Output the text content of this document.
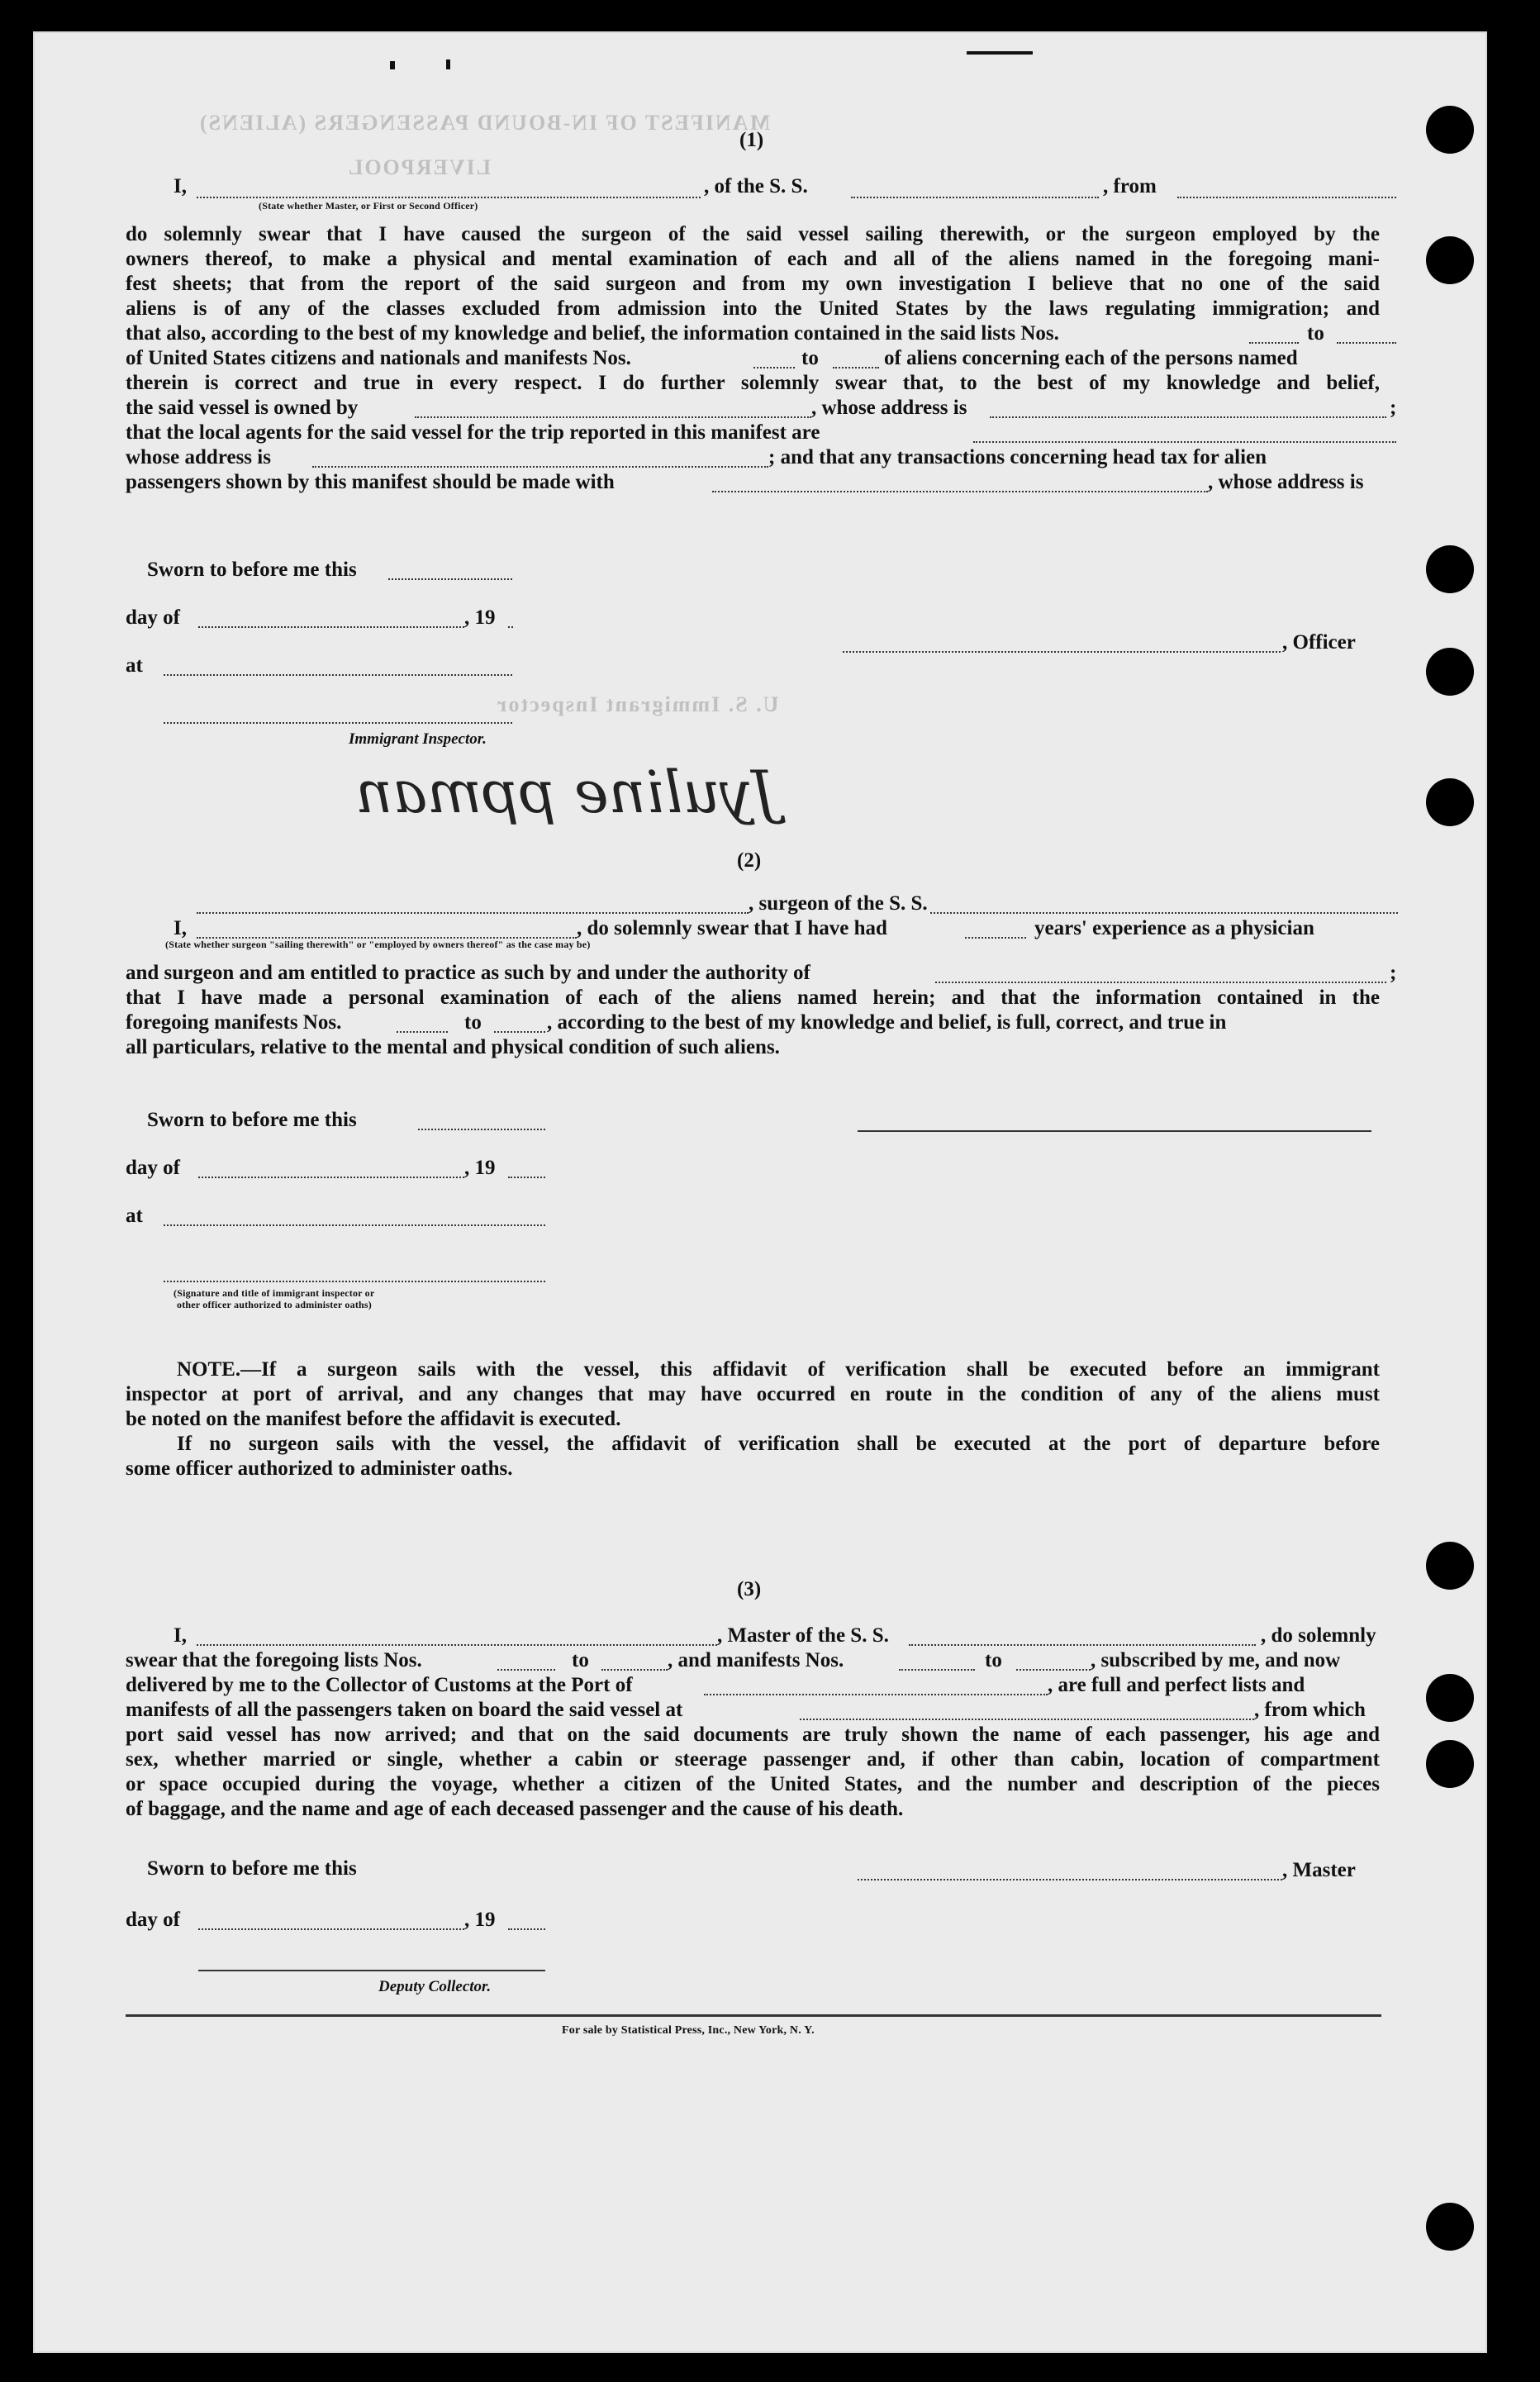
MANIFEST OF IN-BOUND PASSENGERS (ALIENS)
LIVERPOOL
U. S. Immigrant Inspector
(1)
I,	, of the S. S.	, from
(State whether Master, or First or Second Officer)
do solemnly swear that I have caused the surgeon of the said vessel sailing therewith, or the surgeon employed by the
owners thereof, to make a physical and mental examination of each and all of the aliens named in the foregoing mani-
fest sheets; that from the report of the said surgeon and from my own investigation I believe that no one of the said
aliens is of any of the classes excluded from admission into the United States by the laws regulating immigration; and
that also, according to the best of my knowledge and belief, the information contained in the said lists Nos.	to
of United States citizens and nationals and manifests Nos.	to	of aliens concerning each of the persons named
therein is correct and true in every respect. I do further solemnly swear that, to the best of my knowledge and belief,
the said vessel is owned by	, whose address is	;
that the local agents for the said vessel for the trip reported in this manifest are
whose address is	; and that any transactions concerning head tax for alien
passengers shown by this manifest should be made with	, whose address is
Sworn to before me this
day of	, 19
at
, Officer
Immigrant Inspector.
Jyuline ppman
(2)
, surgeon of the S. S.
I,	, do solemnly swear that I have had	years' experience as a physician
(State whether surgeon "sailing therewith" or "employed by owners thereof" as the case may be)
and surgeon and am entitled to practice as such by and under the authority of	;
that I have made a personal examination of each of the aliens named herein; and that the information contained in the
foregoing manifests Nos.	to	, according to the best of my knowledge and belief, is full, correct, and true in
all particulars, relative to the mental and physical condition of such aliens.
Sworn to before me this
day of	, 19
at
(Signature and title of immigrant inspector or
other officer authorized to administer oaths)
NOTE.—If a surgeon sails with the vessel, this affidavit of verification shall be executed before an immigrant
inspector at port of arrival, and any changes that may have occurred en route in the condition of any of the aliens must
be noted on the manifest before the affidavit is executed.
If no surgeon sails with the vessel, the affidavit of verification shall be executed at the port of departure before
some officer authorized to administer oaths.
(3)
I,	, Master of the S. S.	, do solemnly
swear that the foregoing lists Nos.	to	, and manifests Nos.	to	, subscribed by me, and now
delivered by me to the Collector of Customs at the Port of	, are full and perfect lists and
manifests of all the passengers taken on board the said vessel at	, from which
port said vessel has now arrived; and that on the said documents are truly shown the name of each passenger, his age and
sex, whether married or single, whether a cabin or steerage passenger and, if other than cabin, location of compartment
or space occupied during the voyage, whether a citizen of the United States, and the number and description of the pieces
of baggage, and the name and age of each deceased passenger and the cause of his death.
Sworn to before me this	, Master
day of	, 19
Deputy Collector.
For sale by Statistical Press, Inc., New York, N. Y.
